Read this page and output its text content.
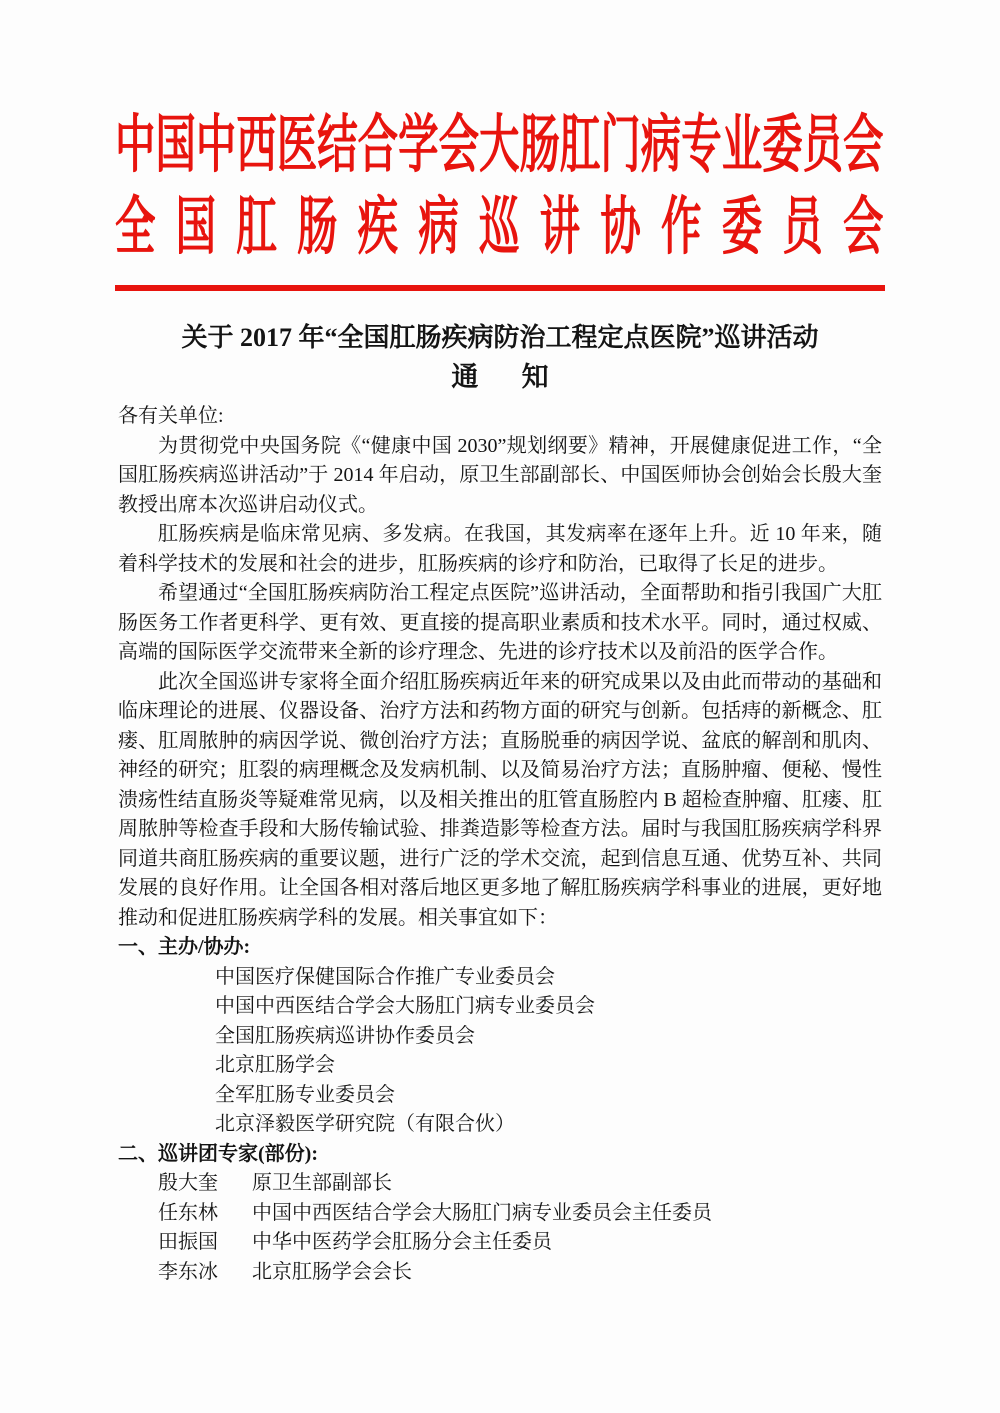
中国中西医结合学会大肠肛门病专业委员会
全国肛肠疾病巡讲协作委员会
关于 2017 年“全国肛肠疾病防治工程定点医院”巡讲活动
通知
各有关单位:

为贯彻党中央国务院《“健康中国 2030”规划纲要》精神，开展健康促进工作，“全国肛肠疾病巡讲活动”于 2014 年启动，原卫生部副部长、中国医师协会创始会长殷大奎教授出席本次巡讲启动仪式。

肛肠疾病是临床常见病、多发病。在我国，其发病率在逐年上升。近 10 年来，随着科学技术的发展和社会的进步，肛肠疾病的诊疗和防治，已取得了长足的进步。

希望通过“全国肛肠疾病防治工程定点医院”巡讲活动，全面帮助和指引我国广大肛肠医务工作者更科学、更有效、更直接的提高职业素质和技术水平。同时，通过权威、高端的国际医学交流带来全新的诊疗理念、先进的诊疗技术以及前沿的医学合作。

此次全国巡讲专家将全面介绍肛肠疾病近年来的研究成果以及由此而带动的基础和临床理论的进展、仪器设备、治疗方法和药物方面的研究与创新。包括痔的新概念、肛瘘、肛周脓肿的病因学说、微创治疗方法；直肠脱垂的病因学说、盆底的解剖和肌肉、神经的研究；肛裂的病理概念及发病机制、以及简易治疗方法；直肠肿瘤、便秘、慢性溃疡性结直肠炎等疑难常见病，以及相关推出的肛管直肠腔内 B 超检查肿瘤、肛瘘、肛周脓肿等检查手段和大肠传输试验、排粪造影等检查方法。届时与我国肛肠疾病学科界同道共商肛肠疾病的重要议题，进行广泛的学术交流，起到信息互通、优势互补、共同发展的良好作用。让全国各相对落后地区更多地了解肛肠疾病学科事业的进展，更好地推动和促进肛肠疾病学科的发展。相关事宜如下：

一、主办/协办:
中国医疗保健国际合作推广专业委员会
中国中西医结合学会大肠肛门病专业委员会
全国肛肠疾病巡讲协作委员会
北京肛肠学会
全军肛肠专业委员会
北京泽毅医学研究院（有限合伙）
二、巡讲团专家(部份):
殷大奎	原卫生部副部长
任东林	中国中西医结合学会大肠肛门病专业委员会主任委员
田振国	中华中医药学会肛肠分会主任委员
李东冰	北京肛肠学会会长
